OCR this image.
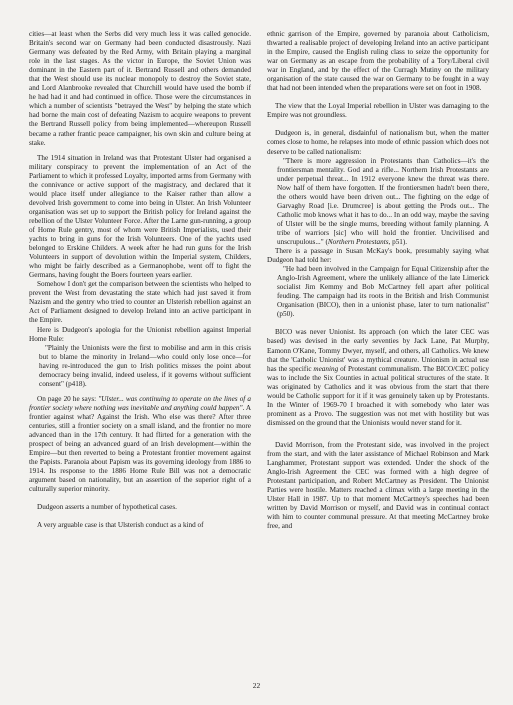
cities—at least when the Serbs did very much less it was called genocide. Britain's second war on Germany had been conducted disastrously. Nazi Germany was defeated by the Red Army, with Britain playing a marginal role in the last stages. As the victor in Europe, the Soviet Union was dominant in the Eastern part of it. Bertrand Russell and others demanded that the West should use its nuclear monopoly to destroy the Soviet state, and Lord Alanbrooke revealed that Churchill would have used the bomb if he had had it and had continued in office. Those were the circumstances in which a number of scientists "betrayed the West" by helping the state which had borne the main cost of defeating Nazism to acquire weapons to prevent the Bertrand Russell policy from being implemented—whereupon Russell became a rather frantic peace campaigner, his own skin and culture being at stake.

The 1914 situation in Ireland was that Protestant Ulster had organised a military conspiracy to prevent the implementation of an Act of the Parliament to which it professed Loyalty, imported arms from Germany with the connivance or active support of the magistracy, and declared that it would place itself under allegiance to the Kaiser rather than allow a devolved Irish government to come into being in Ulster. An Irish Volunteer organisation was set up to support the British policy for Ireland against the rebellion of the Ulster Volunteer Force. After the Larne gun-running, a group of Home Rule gentry, most of whom were British Imperialists, used their yachts to bring in guns for the Irish Volunteers. One of the yachts used belonged to Erskine Childers. A week after he had run guns for the Irish Volunteers in support of devolution within the Imperial system, Childers, who might be fairly described as a Germanophobe, went off to fight the Germans, having fought the Boers fourteen years earlier.

Somehow I don't get the comparison between the scientists who helped to prevent the West from devastating the state which had just saved it from Nazism and the gentry who tried to counter an Ulsterish rebellion against an Act of Parliament designed to develop Ireland into an active participant in the Empire.

Here is Dudgeon's apologia for the Unionist rebellion against Imperial Home Rule:

"Plainly the Unionists were the first to mobilise and arm in this crisis but to blame the minority in Ireland—who could only lose once—for having re-introduced the gun to Irish politics misses the point about democracy being invalid, indeed useless, if it governs without sufficient consent" (p418).

On page 20 he says: "Ulster... was continuing to operate on the lines of a frontier society where nothing was inevitable and anything could happen". A frontier against what? Against the Irish. Who else was there? After three centuries, still a frontier society on a small island, and the frontier no more advanced than in the 17th century. It had flirted for a generation with the prospect of being an advanced guard of an Irish development—within the Empire—but then reverted to being a Protestant frontier movement against the Papists. Paranoia about Papism was its governing ideology from 1886 to 1914. Its response to the 1886 Home Rule Bill was not a democratic argument based on nationality, but an assertion of the superior right of a culturally superior minority.

Dudgeon asserts a number of hypothetical cases.

A very arguable case is that Ulsterish conduct as a kind of

ethnic garrison of the Empire, governed by paranoia about Catholicism, thwarted a realisable project of developing Ireland into an active participant in the Empire, caused the English ruling class to seize the opportunity for war on Germany as an escape from the probability of a Tory/Liberal civil war in England, and by the effect of the Curragh Mutiny on the military organisation of the state caused the war on Germany to be fought in a way that had not been intended when the preparations were set on foot in 1908.

The view that the Loyal Imperial rebellion in Ulster was damaging to the Empire was not groundless.

Dudgeon is, in general, disdainful of nationalism but, when the matter comes close to home, he relapses into mode of ethnic passion which does not deserve to be called nationalism:

"There is more aggression in Protestants than Catholics—it's the frontiersman mentality. God and a rifle... Northern Irish Protestants are under perpetual threat... In 1912 everyone knew the threat was there. Now half of them have forgotten. If the frontiersmen hadn't been there, the others would have been driven out... The fighting on the edge of Garvaghy Road [i.e. Drumcree] is about getting the Prods out... The Catholic mob knows what it has to do... In an odd way, maybe the saving of Ulster will be the single mums, breeding without family planning. A tribe of warriors [sic] who will hold the frontier. Uncivilised and unscrupulous..." (Northern Protestants, p51).

There is a passage in Susan McKay's book, presumably saying what Dudgeon had told her:

"He had been involved in the Campaign for Equal Citizenship after the Anglo-Irish Agreement, where the unlikely alliance of the late Limerick socialist Jim Kemmy and Bob McCartney fell apart after political feuding. The campaign had its roots in the British and Irish Communist Organisation (BICO), then in a unionist phase, later to turn nationalist" (p50).

BICO was never Unionist. Its approach (on which the later CEC was based) was devised in the early seventies by Jack Lane, Pat Murphy, Eamonn O'Kane, Tommy Dwyer, myself, and others, all Catholics. We knew that the 'Catholic Unionist' was a mythical creature. Unionism in actual use has the specific meaning of Protestant communalism. The BICO/CEC policy was to include the Six Counties in actual political structures of the state. It was originated by Catholics and it was obvious from the start that there would be Catholic support for it if it was genuinely taken up by Protestants. In the Winter of 1969-70 I broached it with somebody who later was prominent as a Provo. The suggestion was not met with hostility but was dismissed on the ground that the Unionists would never stand for it.

David Morrison, from the Protestant side, was involved in the project from the start, and with the later assistance of Michael Robinson and Mark Langhammer, Protestant support was extended. Under the shock of the Anglo-Irish Agreement the CEC was formed with a high degree of Protestant participation, and Robert McCartney as President. The Unionist Parties were hostile. Matters reached a climax with a large meeting in the Ulster Hall in 1987. Up to that moment McCartney's speeches had been written by David Morrison or myself, and David was in continual contact with him to counter communal pressure. At that meeting McCartney broke free, and

22
